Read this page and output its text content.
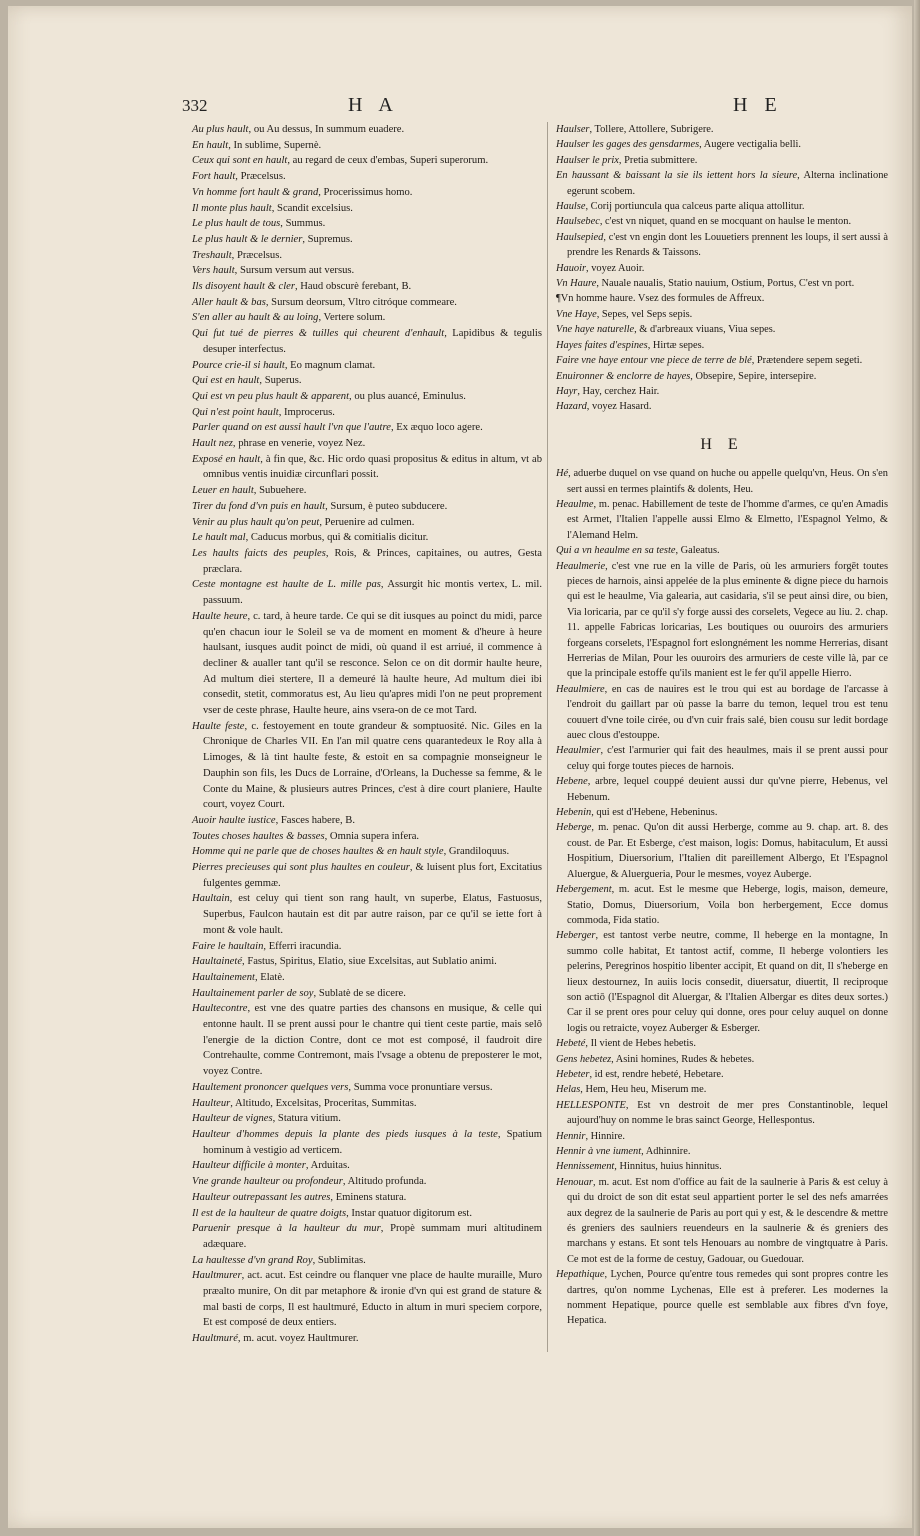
332	H A	H E

Au plus hault, ou Au dessus, In summum euadere.

En hault, In sublime, Supernè.

Ceux qui sont en hault, au regard de ceux d'embas, Superi superorum.

Fort hault, Præcelsus.

Vn homme fort hault & grand, Procerissimus homo.

Il monte plus hault, Scandit excelsius.

Le plus hault de tous, Summus.

Le plus hault & le dernier, Supremus.

Treshault, Præcelsus.

Vers hault, Sursum versum aut versus.

Ils disoyent hault & cler, Haud obscurè ferebant, B.

Aller hault & bas, Sursum deorsum, Vltro citróque commeare.

S'en aller au hault & au loing, Vertere solum.

Qui fut tué de pierres & tuilles qui cheurent d'enhault, Lapidibus & tegulis desuper interfectus.

Pource crie-il si hault, Eo magnum clamat.

Qui est en hault, Superus.

Qui est vn peu plus hault & apparent, ou plus auancé, Eminulus.

Qui n'est point hault, Improcerus.

Parler quand on est aussi hault l'vn que l'autre, Ex æquo loco agere.

Hault nez, phrase en venerie, voyez Nez.

Exposé en hault, à fin que, &c. Hic ordo quasi propositus & editus in altum, vt ab omnibus ventis inuidiæ circunflari possit.

Leuer en hault, Subuehere.

Tirer du fond d'vn puis en hault, Sursum, è puteo subducere.

Venir au plus hault qu'on peut, Peruenire ad culmen.

Le hault mal, Caducus morbus, qui & comitialis dicitur.

Les haults faicts des peuples, Rois, & Princes, capitaines, ou autres, Gesta præclara.

Ceste montagne est haulte de L. mille pas, Assurgit hic montis vertex, L. mil. passuum.

Haulte heure, c. tard, à heure tarde. Ce qui se dit iusques au poinct du midi, parce qu'en chacun iour le Soleil se va de moment en moment & d'heure à heure haulsant, iusques audit poinct de midi, où quand il est arriué, il commence à decliner & aualler tant qu'il se resconce. Selon ce on dit dormir haulte heure, Ad multum diei stertere, Il a demeuré là haulte heure, Ad multum diei ibi consedit, stetit, commoratus est, Au lieu qu'apres midi l'on ne peut proprement vser de ceste phrase, Haulte heure, ains vsera-on de ce mot Tard.

Haulte feste, c. festoyement en toute grandeur & somptuosité. Nic. Giles en la Chronique de Charles VII. En l'an mil quatre cens quarantedeux le Roy alla à Limoges, & là tint haulte feste, & estoit en sa compagnie monseigneur le Dauphin son fils, les Ducs de Lorraine, d'Orleans, la Duchesse sa femme, & le Conte du Maine, & plusieurs autres Princes, c'est à dire court planiere, Haulte court, voyez Court.

Auoir haulte iustice, Fasces habere, B.

Toutes choses haultes & basses, Omnia supera infera.

Homme qui ne parle que de choses haultes & en hault style, Grandiloquus.

Pierres precieuses qui sont plus haultes en couleur, & luisent plus fort, Excitatius fulgentes gemmæ.

Haultain, est celuy qui tient son rang hault, vn superbe, Elatus, Fastuosus, Superbus, Faulcon hautain est dit par autre raison, par ce qu'il se iette fort à mont & vole hault.

Faire le haultain, Efferri iracundia.

Haultaineté, Fastus, Spiritus, Elatio, siue Excelsitas, aut Sublatio animi.

Haultainement, Elatè.

Haultainement parler de soy, Sublatè de se dicere.

Haultecontre, est vne des quatre parties des chansons en musique, & celle qui entonne hault. Il se prent aussi pour le chantre qui tient ceste partie, mais selô l'energie de la diction Contre, dont ce mot est composé, il faudroit dire Contrehaulte, comme Contremont, mais l'vsage a obtenu de preposterer le mot, voyez Contre.

Haultement prononcer quelques vers, Summa voce pronuntiare versus.

Haulteur, Altitudo, Excelsitas, Proceritas, Summitas.

Haulteur de vignes, Statura vitium.

Haulteur d'hommes depuis la plante des pieds iusques à la teste, Spatium hominum à vestigio ad verticem.

Haulteur difficile à monter, Arduitas.

Vne grande haulteur ou profondeur, Altitudo profunda.

Haulteur outrepassant les autres, Eminens statura.

Il est de la haulteur de quatre doigts, Instar quatuor digitorum est.

Paruenir presque à la haulteur du mur, Propè summam muri altitudinem adæquare.

La haultesse d'vn grand Roy, Sublimitas.

Haultmurer, act. acut. Est ceindre ou flanquer vne place de haulte muraille, Muro præalto munire, On dit par metaphore & ironie d'vn qui est grand de stature & mal basti de corps, Il est haultmuré, Educto in altum in muri speciem corpore, Et est composé de deux entiers.

Haultmuré, m. acut. voyez Haultmurer.

Haulser, Tollere, Attollere, Subrigere.

Haulser les gages des gensdarmes, Augere vectigalia belli.

Haulser le prix, Pretia submittere.

En haussant & baissant la sie ils iettent hors la sieure, Alterna inclinatione egerunt scobem.

Haulse, Corij portiuncula qua calceus parte aliqua attollitur.

Haulsebec, c'est vn niquet, quand en se mocquant on haulse le menton.

Haulsepied, c'est vn engin dont les Louuetiers prennent les loups, il sert aussi à prendre les Renards & Taissons.

Hauoir, voyez Auoir.

Vn Haure, Nauale naualis, Statio nauium, Ostium, Portus, C'est vn port.

¶Vn homme haure. Vsez des formules de Affreux.

Vne Haye, Sepes, vel Seps sepis.

Vne haye naturelle, & d'arbreaux viuans, Viua sepes.

Hayes faites d'espines, Hirtæ sepes.

Faire vne haye entour vne piece de terre de blé, Prætendere sepem segeti.

Enuironner & enclorre de hayes, Obsepire, Sepire, intersepire.

Hayr, Hay, cerchez Hair.

Hazard, voyez Hasard.

H E

Hé, aduerbe duquel on vse quand on huche ou appelle quelqu'vn, Heus. On s'en sert aussi en termes plaintifs & dolents, Heu.

Heaulme, m. penac. Habillement de teste de l'homme d'armes, ce qu'en Amadis est Armet, l'Italien l'appelle aussi Elmo & Elmetto, l'Espagnol Yelmo, & l'Alemand Helm.

Qui a vn heaulme en sa teste, Galeatus.

Heaulmerie, c'est vne rue en la ville de Paris, où les armuriers forgēt toutes pieces de harnois, ainsi appelée de la plus eminente & digne piece du harnois qui est le heaulme, Via galearia, aut casidaria, s'il se peut ainsi dire, ou bien, Via loricaria, par ce qu'il s'y forge aussi des corselets, Vegece au liu. 2. chap. 11. appelle Fabricas loricarias, Les boutiques ou ouuroirs des armuriers forgeans corselets, l'Espagnol fort eslongnément les nomme Herrerias, disant Herrerias de Milan, Pour les ouuroirs des armuriers de ceste ville là, par ce que la principale estoffe qu'ils manient est le fer qu'il appelle Hierro.

Heaulmiere, en cas de nauires est le trou qui est au bordage de l'arcasse à l'endroit du gaillart par où passe la barre du temon, lequel trou est tenu couuert d'vne toile cirée, ou d'vn cuir frais salé, bien cousu sur ledit bordage auec clous d'estouppe.

Heaulmier, c'est l'armurier qui fait des heaulmes, mais il se prent aussi pour celuy qui forge toutes pieces de harnois.

Hebene, arbre, lequel couppé deuient aussi dur qu'vne pierre, Hebenus, vel Hebenum.

Hebenin, qui est d'Hebene, Hebeninus.

Heberge, m. penac. Qu'on dit aussi Herberge, comme au 9. chap. art. 8. des coust. de Par. Et Esberge, c'est maison, logis: Domus, habitaculum, Et aussi Hospitium, Diuersorium, l'Italien dit pareillement Albergo, Et l'Espagnol Aluergue, & Aluergueria, Pour le mesmes, voyez Auberge.

Hebergement, m. acut. Est le mesme que Heberge, logis, maison, demeure, Statio, Domus, Diuersorium, Voila bon herbergement, Ecce domus commoda, Fida statio.

Heberger, est tantost verbe neutre, comme, Il heberge en la montagne, In summo colle habitat, Et tantost actif, comme, Il heberge volontiers les pelerins, Peregrinos hospitio libenter accipit, Et quand on dit, Il s'heberge en lieux destournez, In auiis locis consedit, diuersatur, diuertit, Il reciproque son actiō (l'Espagnol dit Aluergar, & l'Italien Albergar es dites deux sortes.) Car il se prent ores pour celuy qui donne, ores pour celuy auquel on donne logis ou retraicte, voyez Auberger & Esberger.

Hebeté, Il vient de Hebes hebetis.

Gens hebetez, Asini homines, Rudes & hebetes.

Hebeter, id est, rendre hebeté, Hebetare.

Helas, Hem, Heu heu, Miserum me.

HELLESPONTE, Est vn destroit de mer pres Constantinoble, lequel aujourd'huy on nomme le bras sainct George, Hellespontus.

Hennir, Hinnire.

Hennir à vne iument, Adhinnire.

Hennissement, Hinnitus, huius hinnitus.

Henouar, m. acut. Est nom d'office au fait de la saulnerie à Paris & est celuy à qui du droict de son dit estat seul appartient porter le sel des nefs amarrées aux degrez de la saulnerie de Paris au port qui y est, & le descendre & mettre és greniers des saulniers reuendeurs en la saulnerie & és greniers des marchans y estans. Et sont tels Henouars au nombre de vingtquatre à Paris. Ce mot est de la forme de cestuy, Gadouar, ou Guedouar.

Hepathique, Lychen, Pource qu'entre tous remedes qui sont propres contre les dartres, qu'on nomme Lychenas, Elle est à preferer. Les modernes la nomment Hepatique, pource quelle est semblable aux fibres d'vn foye, Hepatica.
